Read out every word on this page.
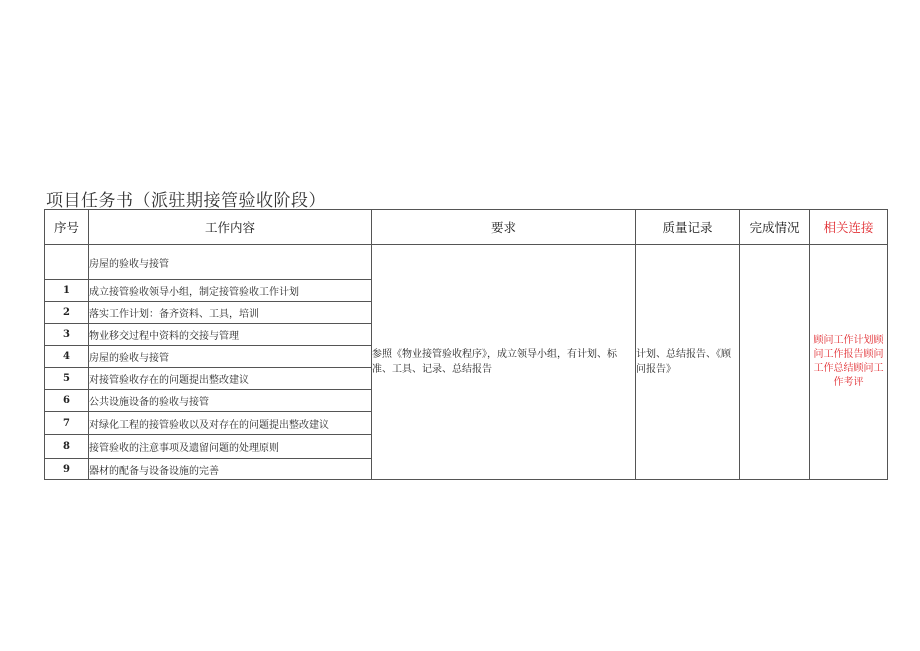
项目任务书（派驻期接管验收阶段）
序号	工作内容	要求	质量记录	完成情况	相关连接
	房屋的验收与接管	参照《物业接管验收程序》，成立领导小组，有计划、标准、工具、记录、总结报告	计划、总结报告、《顾问报告》		顾问工作计划顾问工作报告顾问工作总结顾问工作考评
1	成立接管验收领导小组，制定接管验收工作计划				
2	落实工作计划：备齐资料、工具，培训				
3	物业移交过程中资料的交接与管理				
4	房屋的验收与接管				
5	对接管验收存在的问题提出整改建议				
6	公共设施设备的验收与接管				
7	对绿化工程的接管验收以及对存在的问题提出整改建议				
8	接管验收的注意事项及遗留问题的处理原则				
9	器材的配备与设备设施的完善				
